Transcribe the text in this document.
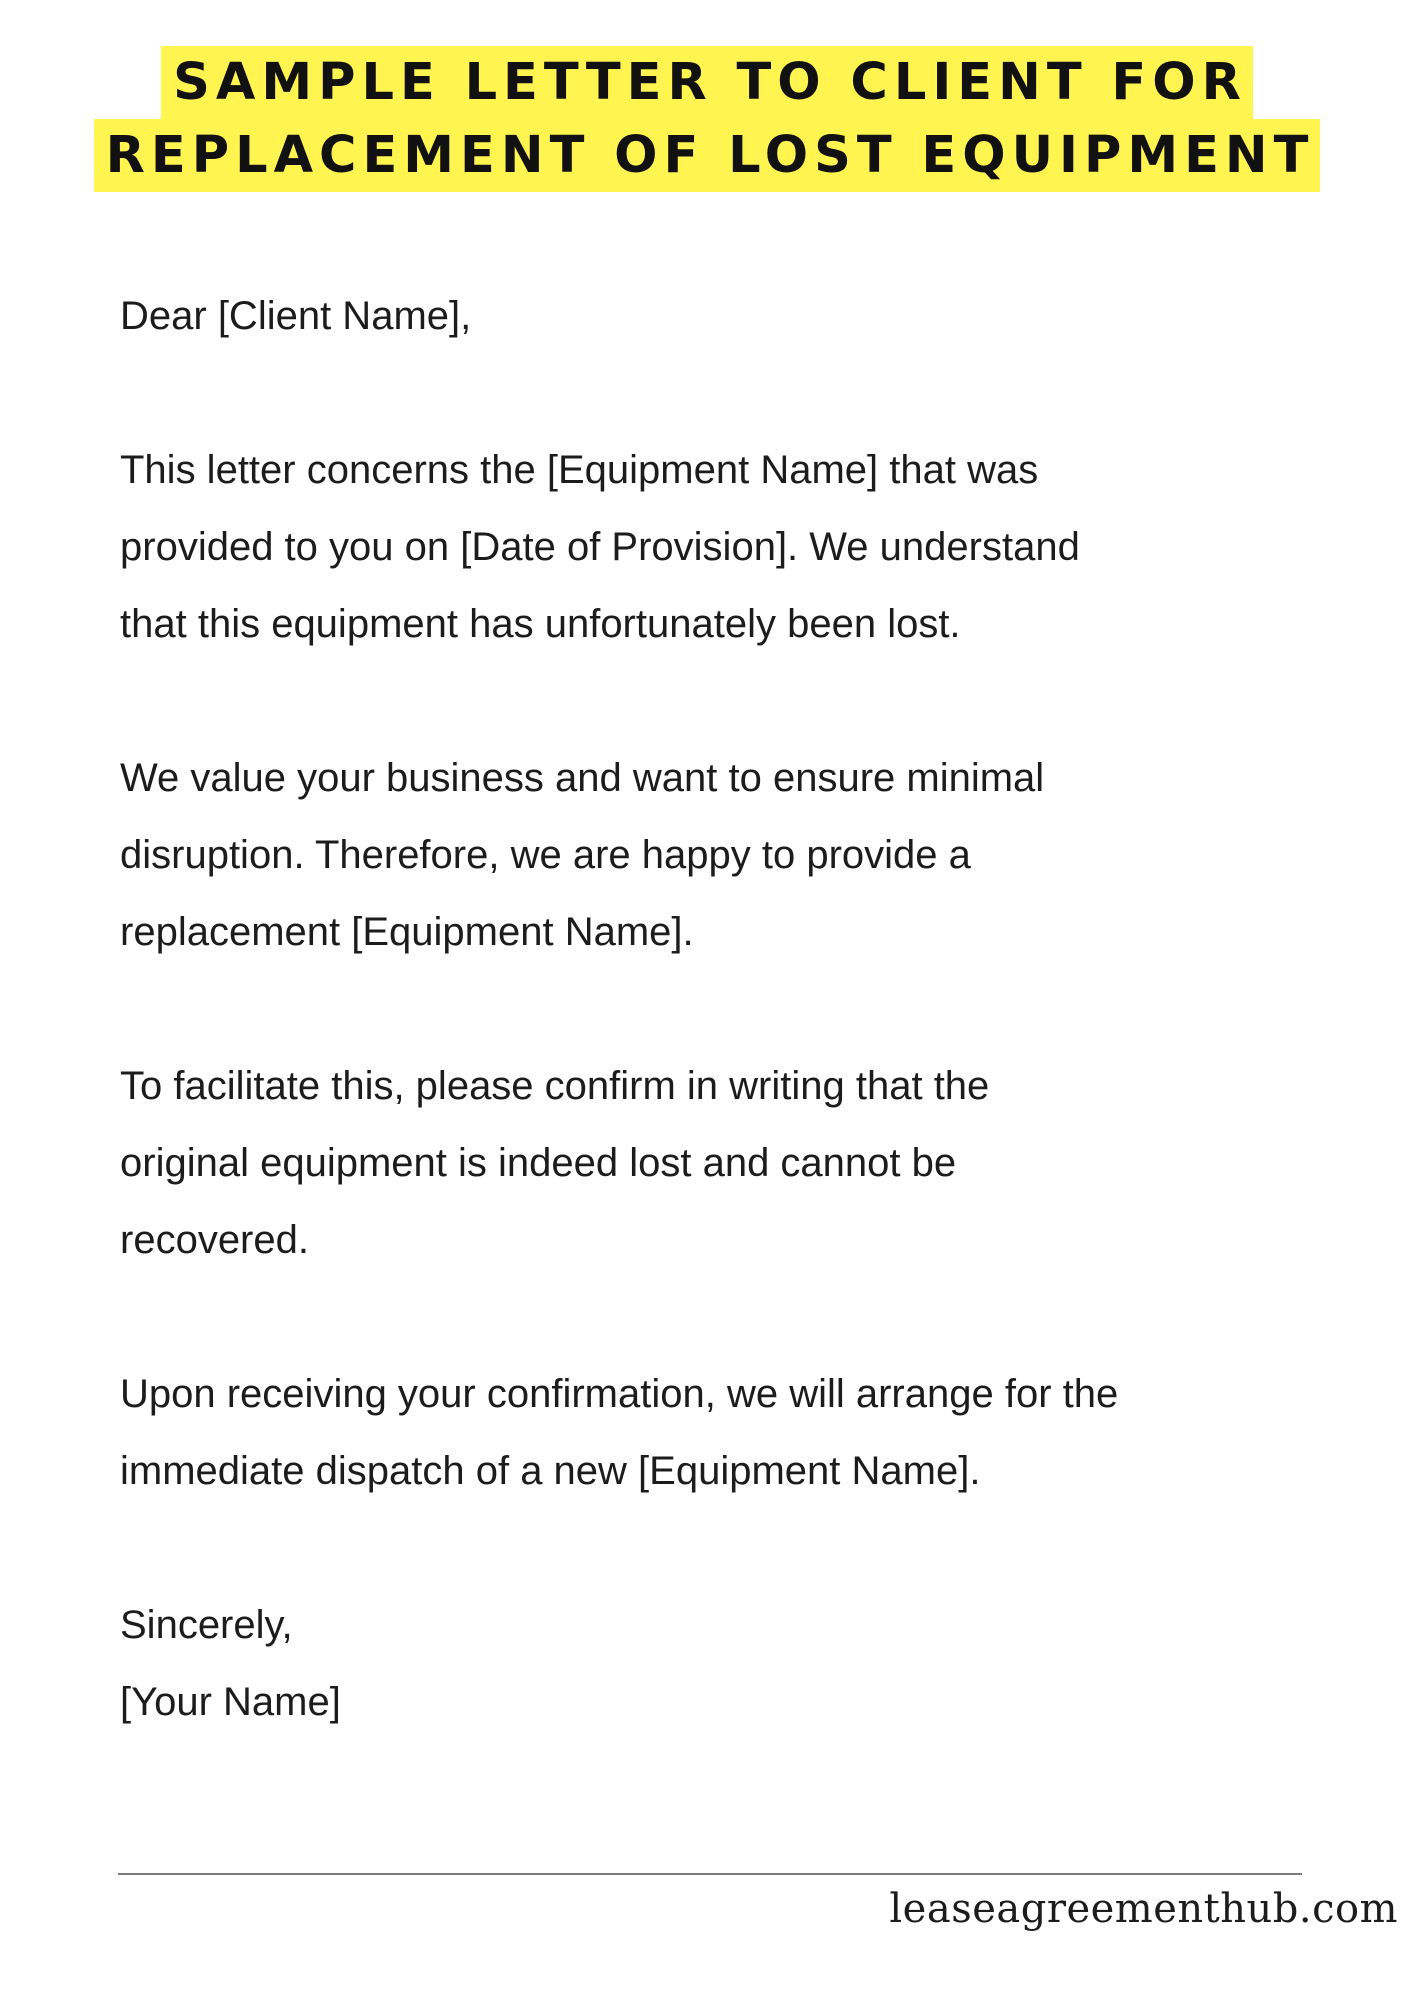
SAMPLE LETTER TO CLIENT FOR
REPLACEMENT OF LOST EQUIPMENT

Dear [Client Name],

This letter concerns the [Equipment Name] that was
provided to you on [Date of Provision]. We understand
that this equipment has unfortunately been lost.

We value your business and want to ensure minimal
disruption. Therefore, we are happy to provide a
replacement [Equipment Name].

To facilitate this, please confirm in writing that the
original equipment is indeed lost and cannot be
recovered.

Upon receiving your confirmation, we will arrange for the
immediate dispatch of a new [Equipment Name].

Sincerely,
[Your Name]

leaseagreementhub.com
